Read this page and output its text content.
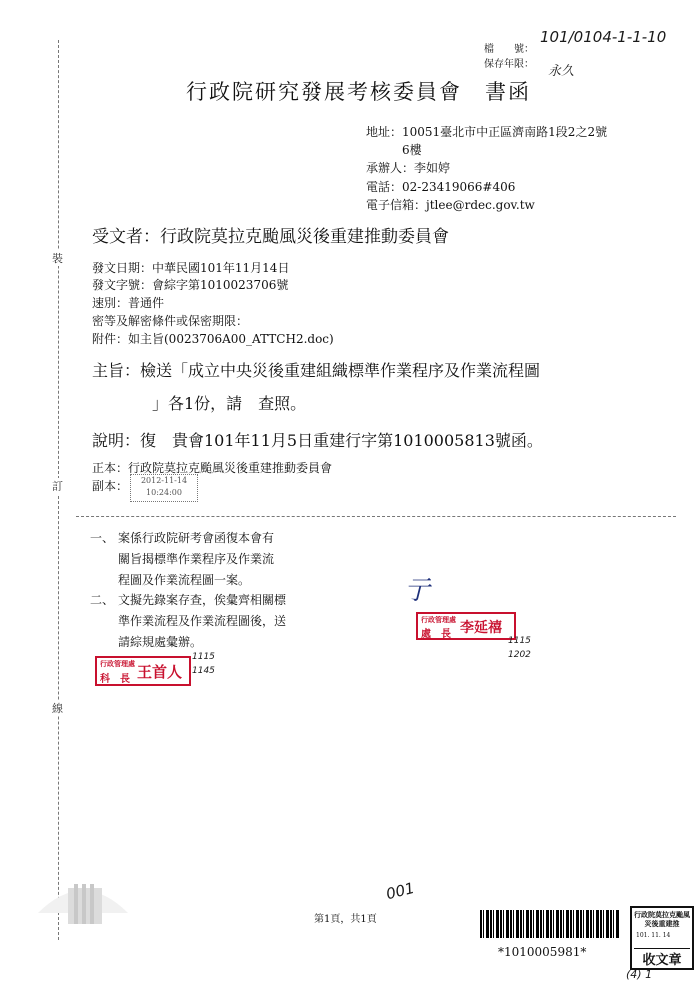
裝
訂
線
檔　　號：
101/0104-1-1-10
保存年限： 永久
行政院研究發展考核委員會　書函
地址：10051臺北市中正區濟南路1段2之2號
6樓
承辦人：李如婷
電話：02-23419066#406
電子信箱：jtlee@rdec.gov.tw
受文者：行政院莫拉克颱風災後重建推動委員會
發文日期：中華民國101年11月14日
發文字號：會綜字第1010023706號
速別：普通件
密等及解密條件或保密期限：
附件：如主旨(0023706A00_ATTCH2.doc)
主旨：檢送「成立中央災後重建組織標準作業程序及作業流程圖
」各1份，請　查照。
說明：復　貴會101年11月5日重建行字第1010005813號函。
正本：行政院莫拉克颱風災後重建推動委員會
副本：	2012-11-14
10:24:00
一、 案係行政院研考會函復本會有
關旨揭標準作業程序及作業流
程圖及作業流程圖一案。
二、 文擬先錄案存查，俟彙齊相關標
準作業流程及作業流程圖後，送
請綜規處彙辦。
行政管理處
科　長 王首人
1115
1145
亍
行政管理處
處　長 李延禧
1115
1202
001
第1頁，共1頁
*1010005981*
行政院莫拉克颱風災後重建推
101. 11. 14
收文章
(4) 1
